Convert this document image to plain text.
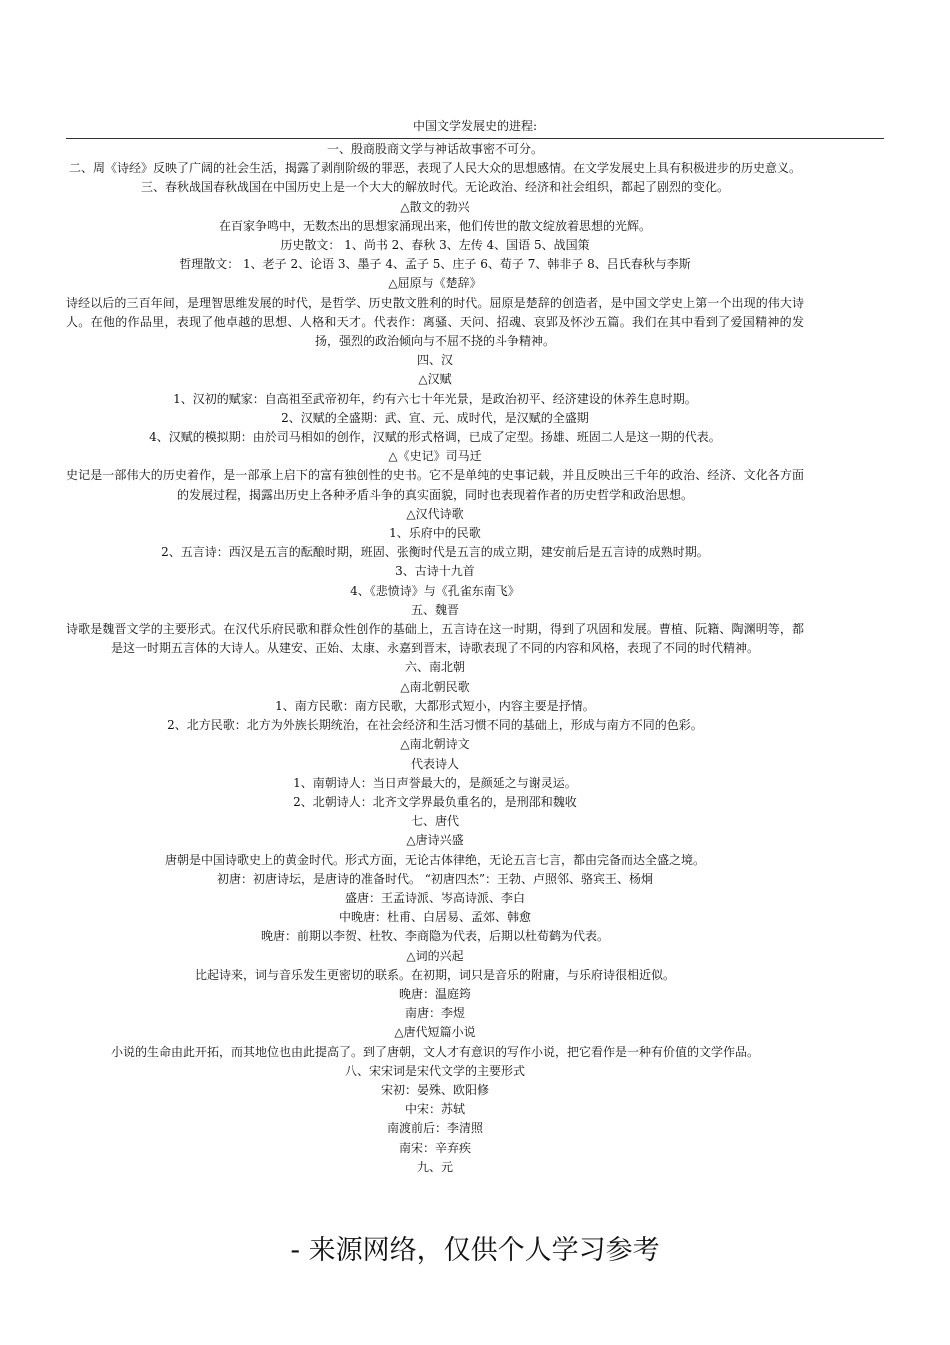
中国文学发展史的进程:
一、殷商股商文学与神话故事密不可分。
二、周《诗经》反映了广阔的社会生活，揭露了剥削阶级的罪恶，表现了人民大众的思想感情。在文学发展史上具有积极进步的历史意义。
三、春秋战国春秋战国在中国历史上是一个大大的解放时代。无论政治、经济和社会组织，都起了剧烈的变化。
△散文的勃兴
在百家争鸣中，无数杰出的思想家涌现出来，他们传世的散文绽放着思想的光辉。
历史散文： 1、尚书 2、春秋 3、左传 4、国语 5、战国策
哲理散文： 1、老子 2、论语 3、墨子 4、孟子 5、庄子 6、荀子 7、韩非子 8、吕氏春秋与李斯
△屈原与《楚辞》
诗经以后的三百年间，是理智思维发展的时代，是哲学、历史散文胜利的时代。屈原是楚辞的创造者，是中国文学史上第一个出现的伟大诗人。在他的作品里，表现了他卓越的思想、人格和天才。代表作：离骚、天问、招魂、哀郢及怀沙五篇。我们在其中看到了爱国精神的发扬，强烈的政治倾向与不屈不挠的斗争精神。
四、汉
△汉赋
1、汉初的赋家：自高祖至武帝初年，约有六七十年光景，是政治初平、经济建设的休养生息时期。
2、汉赋的全盛期：武、宣、元、成时代，是汉赋的全盛期
4、汉赋的模拟期：由於司马相如的创作，汉赋的形式格调，已成了定型。扬雄、班固二人是这一期的代表。
△《史记》司马迁
史记是一部伟大的历史着作，是一部承上启下的富有独创性的史书。它不是单纯的史事记载，并且反映出三千年的政治、经济、文化各方面的发展过程，揭露出历史上各种矛盾斗争的真实面貌，同时也表现着作者的历史哲学和政治思想。
△汉代诗歌
1、乐府中的民歌
2、五言诗：西汉是五言的酝酿时期，班固、张衡时代是五言的成立期，建安前后是五言诗的成熟时期。
3、古诗十九首
4、《悲愤诗》与《孔雀东南飞》
五、魏晋
诗歌是魏晋文学的主要形式。在汉代乐府民歌和群众性创作的基础上，五言诗在这一时期，得到了巩固和发展。曹植、阮籍、陶渊明等，都是这一时期五言体的大诗人。从建安、正始、太康、永嘉到晋末，诗歌表现了不同的内容和风格，表现了不同的时代精神。
六、南北朝
△南北朝民歌
1、南方民歌：南方民歌，大都形式短小，内容主要是抒情。
2、北方民歌：北方为外族长期统治，在社会经济和生活习惯不同的基础上，形成与南方不同的色彩。
△南北朝诗文
代表诗人
1、南朝诗人：当日声誉最大的，是颜延之与谢灵运。
2、北朝诗人：北齐文学界最负重名的，是刑邵和魏收
七、唐代
△唐诗兴盛
唐朝是中国诗歌史上的黄金时代。形式方面，无论古体律绝，无论五言七言，都由完备而达全盛之境。
初唐：初唐诗坛，是唐诗的准备时代。 “初唐四杰”：王勃、卢照邻、骆宾王、杨炯
盛唐：王孟诗派、岑高诗派、李白
中晚唐：杜甫、白居易、孟郊、韩愈
晚唐：前期以李贺、杜牧、李商隐为代表，后期以杜荀鹤为代表。
△词的兴起
比起诗来，词与音乐发生更密切的联系。在初期，词只是音乐的附庸，与乐府诗很相近似。
晚唐：温庭筠
南唐：李煜
△唐代短篇小说
小说的生命由此开拓，而其地位也由此提高了。到了唐朝，文人才有意识的写作小说，把它看作是一种有价值的文学作品。
八、宋宋词是宋代文学的主要形式
宋初：晏殊、欧阳修
中宋：苏轼
南渡前后：李清照
南宋：辛弃疾
九、元
- 来源网络，仅供个人学习参考
